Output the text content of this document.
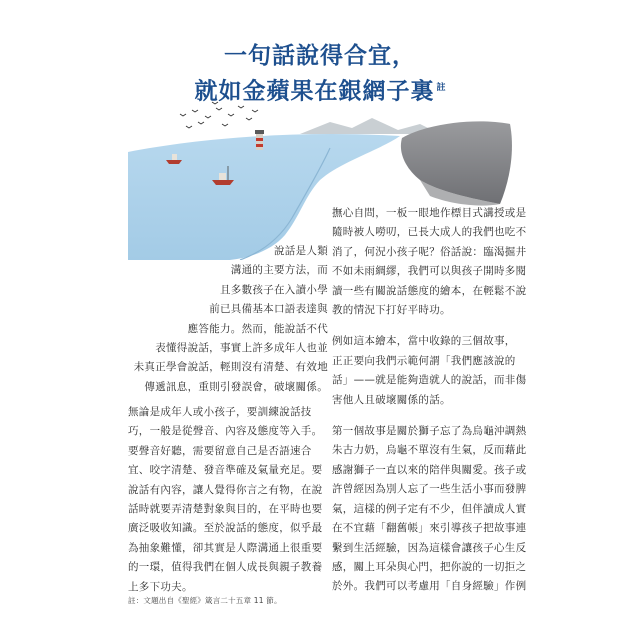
一句話說得合宜，
就如金蘋果在銀網子裏 $^註$

說話是人類

溝通的主要方法，而

且多數孩子在入讀小學

前已具備基本口語表達與

應答能力。然而，能說話不代

表懂得說話，事實上許多成年人也並

未真正學會說話，輕則沒有清楚、有效地

傳遞訊息，重則引發誤會，破壞關係。

無論是成年人或小孩子，要訓練說話技

巧，一般是從聲音、內容及態度等入手。

要聲音好聽，需要留意自己是否語速合

宜、咬字清楚、發音準確及氣量充足。要

說話有內容，讓人覺得你言之有物，在說

話時就要弄清楚對象與目的，在平時也要

廣泛吸收知識。至於說話的態度，似乎最

為抽象難懂，卻其實是人際溝通上很重要

的一環，值得我們在個人成長與親子教養

上多下功夫。

撫心自問，一板一眼地作標目式講授或是

隨時被人嘮叨，已長大成人的我們也吃不

消了，何況小孩子呢？俗話說：臨渴掘井

不如未雨綢繆，我們可以與孩子開時多閱

讀一些有關說話態度的繪本，在輕鬆不說

教的情況下打好平時功。

例如這本繪本，當中收錄的三個故事，

正正要向我們示範何謂「我們應該說的

話」——就是能夠造就人的說話，而非傷

害他人且破壞關係的話。

第一個故事是關於獅子忘了為烏龜沖調熱

朱古力奶，烏龜不單沒有生氣，反而藉此

感謝獅子一直以來的陪伴與關愛。孩子或

許曾經因為別人忘了一些生活小事而發脾

氣，這樣的例子定有不少，但伴讀成人實

在不宜藉「翻舊帳」來引導孩子把故事連

繫到生活經驗，因為這樣會讓孩子心生反

感，關上耳朵與心門，把你說的一切拒之

於外。我們可以考慮用「自身經驗」作例

註：文題出自《聖經》箴言二十五章 11 節。
